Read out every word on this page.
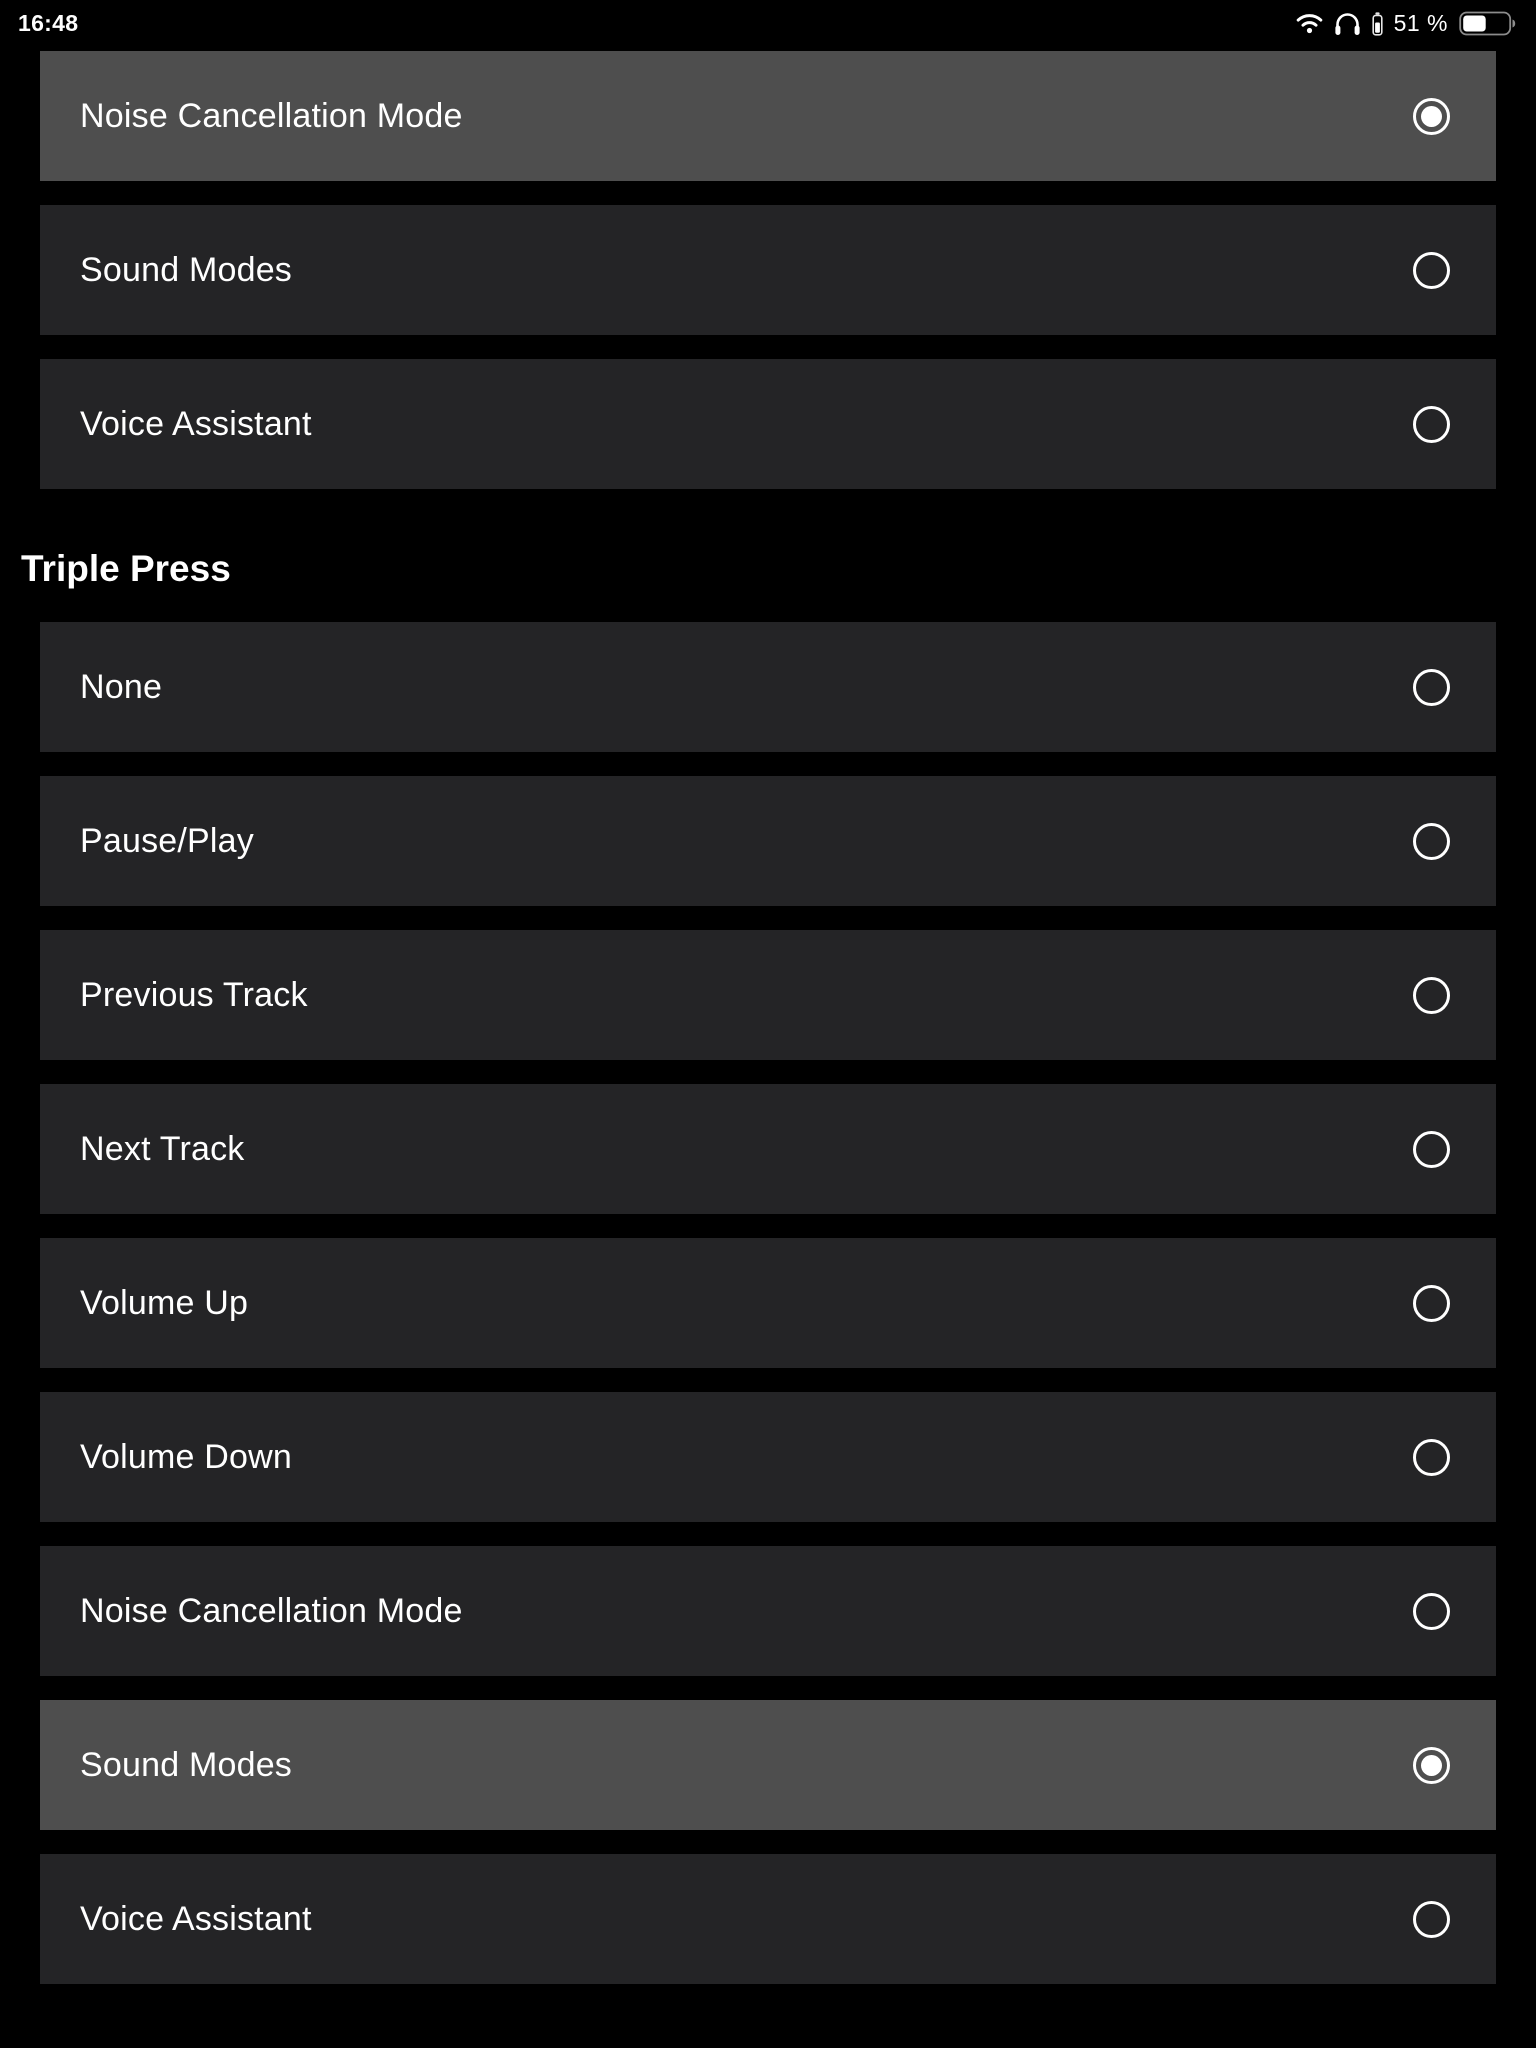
16:48	51 %
Noise Cancellation Mode
Sound Modes
Voice Assistant
Triple Press
None
Pause/Play
Previous Track
Next Track
Volume Up
Volume Down
Noise Cancellation Mode
Sound Modes
Voice Assistant
